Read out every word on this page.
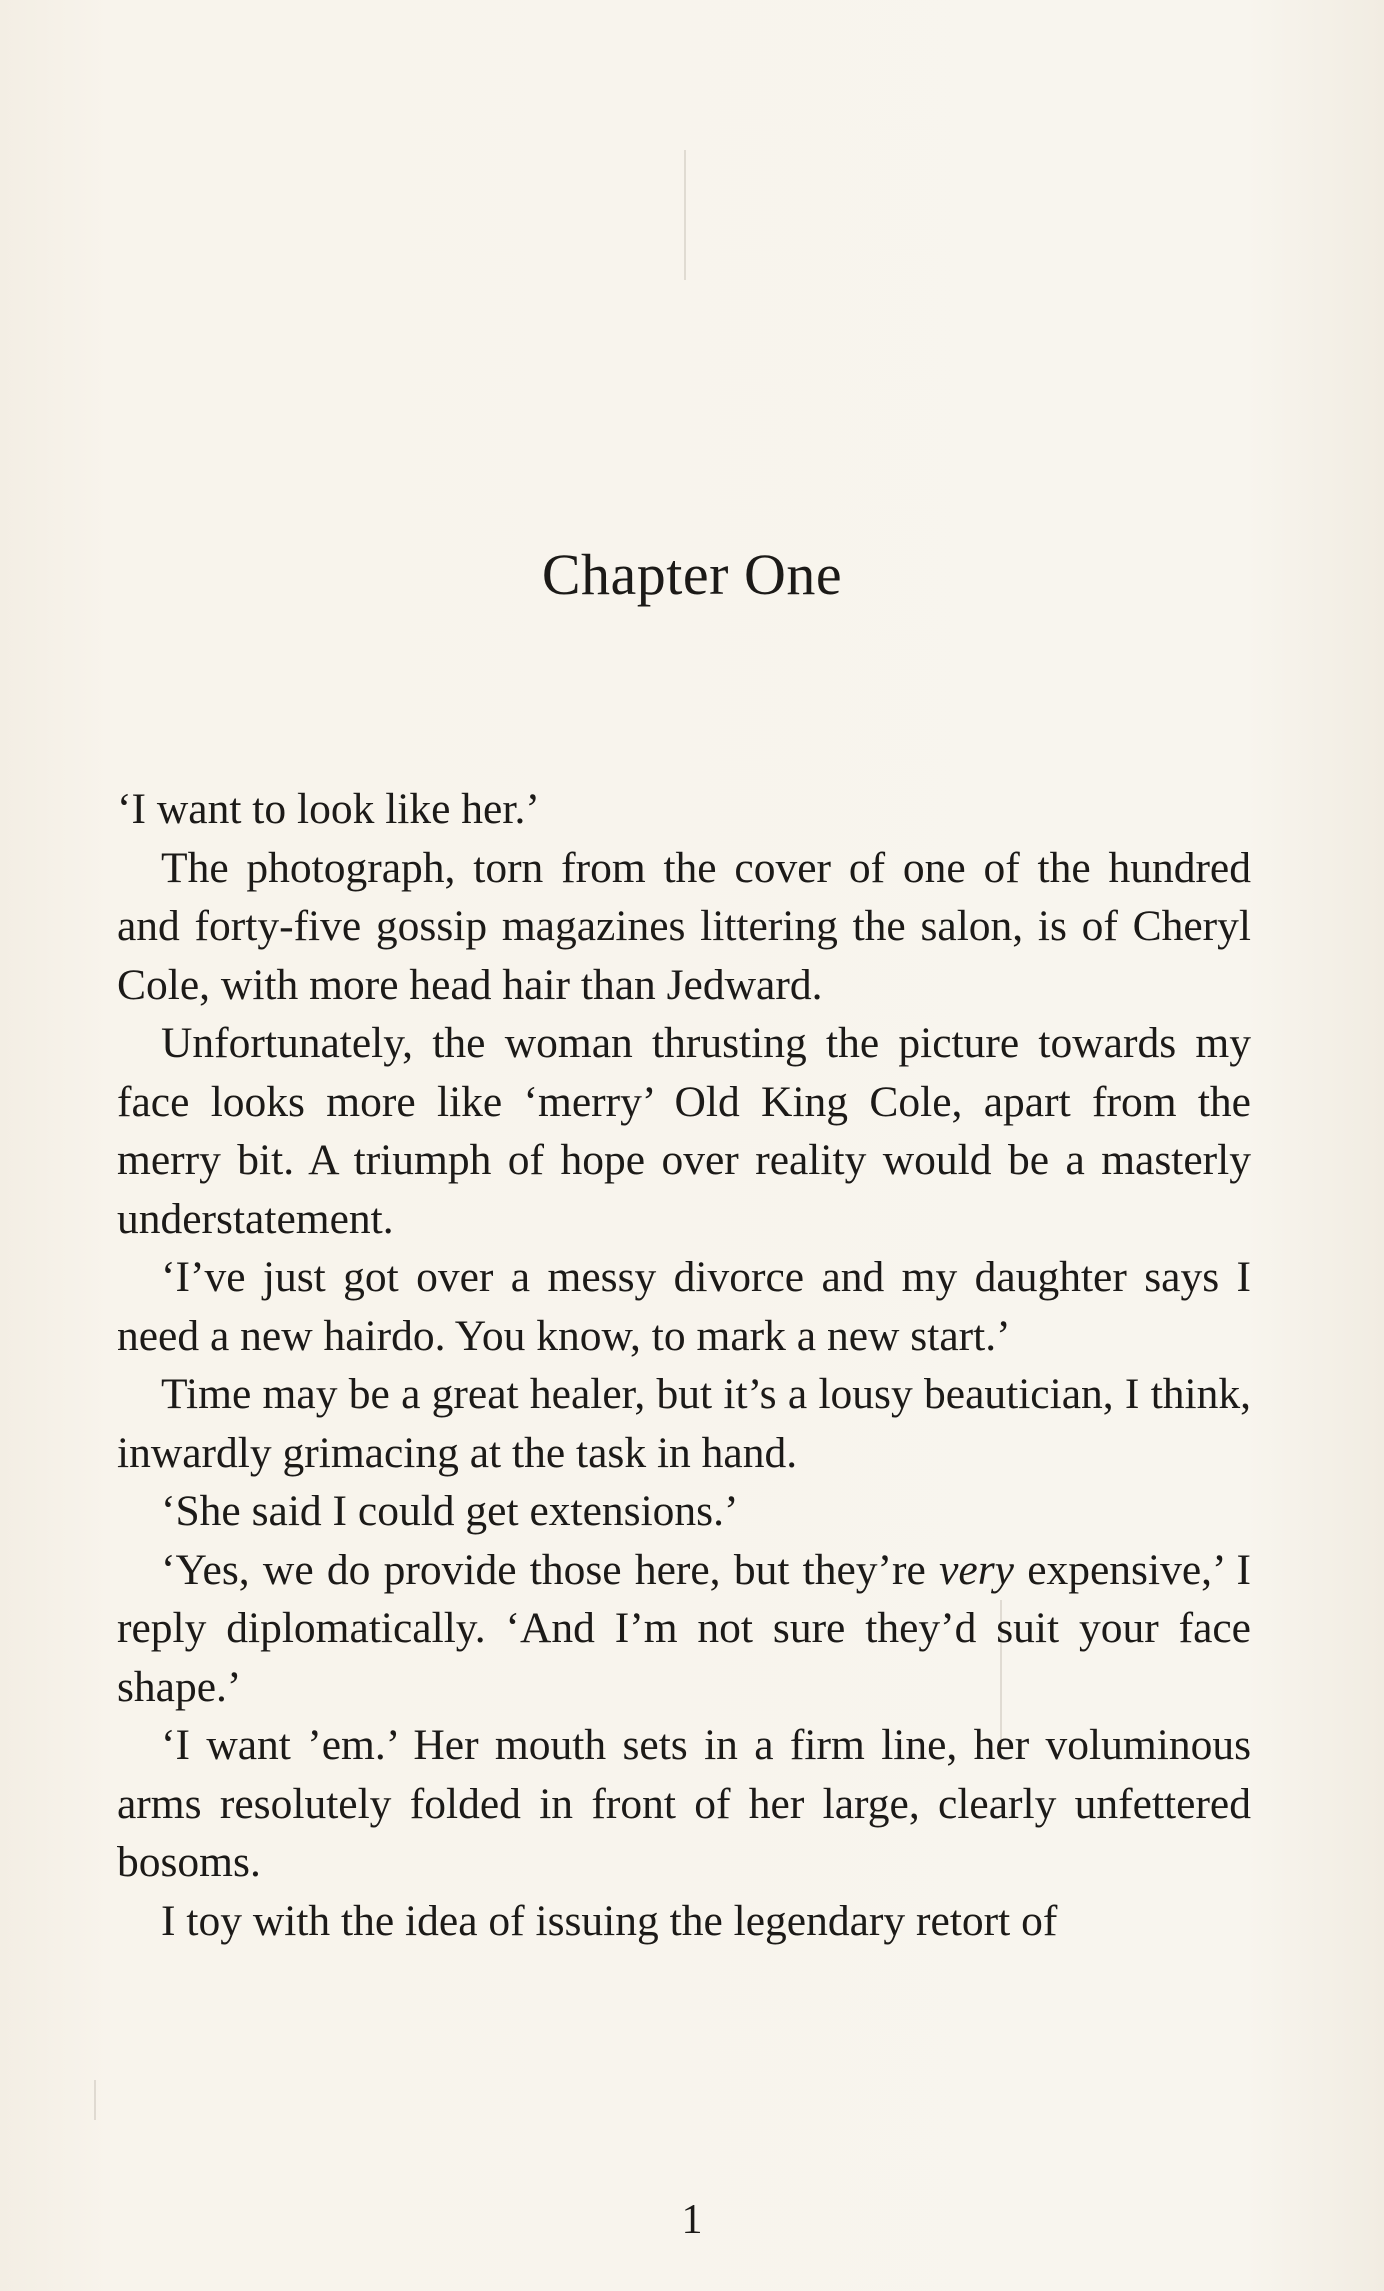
Chapter One

‘I want to look like her.’

The photograph, torn from the cover of one of the hundred and forty-five gossip magazines littering the salon, is of Cheryl Cole, with more head hair than Jedward.

Unfortunately, the woman thrusting the picture towards my face looks more like ‘merry’ Old King Cole, apart from the merry bit. A triumph of hope over reality would be a masterly understatement.

‘I’ve just got over a messy divorce and my daughter says I need a new hairdo. You know, to mark a new start.’

Time may be a great healer, but it’s a lousy beautician, I think, inwardly grimacing at the task in hand.

‘She said I could get extensions.’

‘Yes, we do provide those here, but they’re very expensive,’ I reply diplomatically. ‘And I’m not sure they’d suit your face shape.’

‘I want ’em.’ Her mouth sets in a firm line, her voluminous arms resolutely folded in front of her large, clearly unfettered bosoms.

I toy with the idea of issuing the legendary retort of

1
